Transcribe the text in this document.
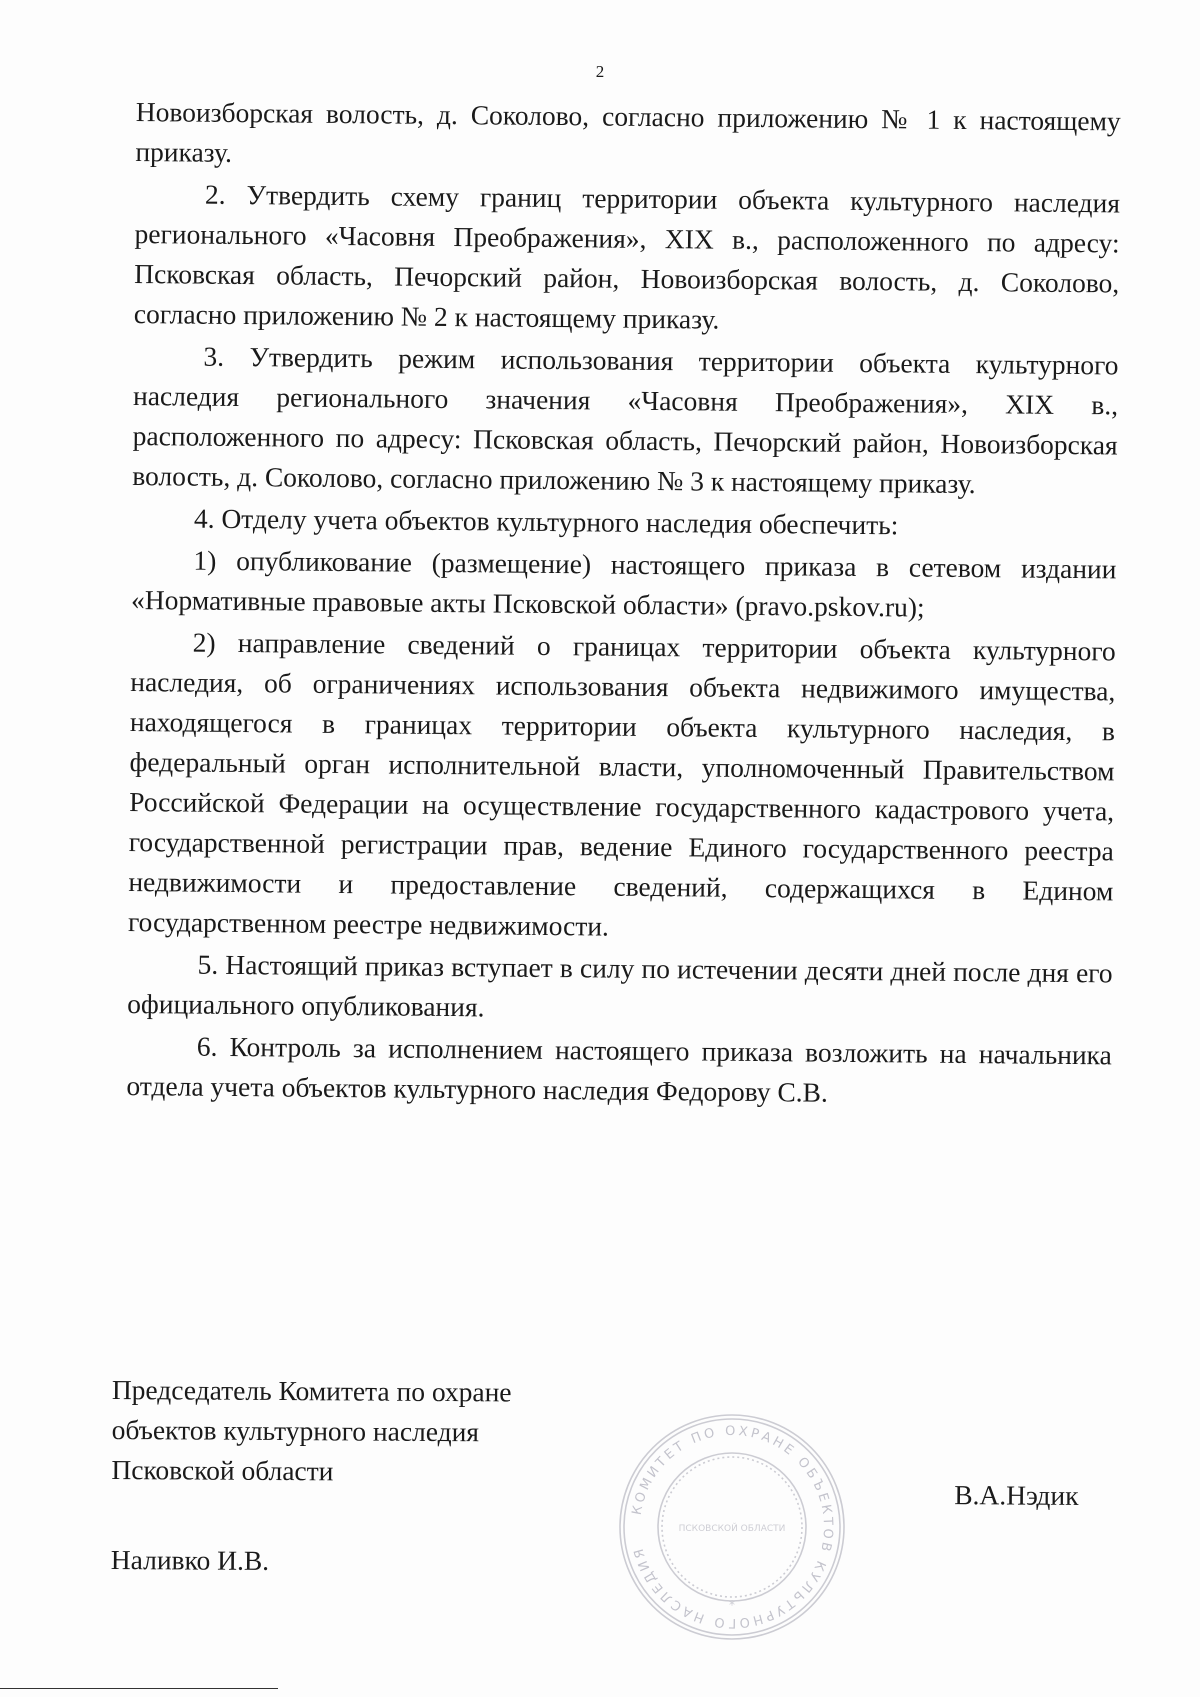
2

Новоизборская волость, д. Соколово, согласно приложению № 1 к настоящему приказу.

2. Утвердить схему границ территории объекта культурного наследия регионального «Часовня Преображения», XIX в., расположенного по адресу: Псковская область, Печорский район, Новоизборская волость, д. Соколово, согласно приложению № 2 к настоящему приказу.

3. Утвердить режим использования территории объекта культурного наследия регионального значения «Часовня Преображения», XIX в., расположенного по адресу: Псковская область, Печорский район, Новоизборская волость, д. Соколово, согласно приложению № 3 к настоящему приказу.

4. Отделу учета объектов культурного наследия обеспечить:

1) опубликование (размещение) настоящего приказа в сетевом издании «Нормативные правовые акты Псковской области» (pravo.pskov.ru);

2) направление сведений о границах территории объекта культурного наследия, об ограничениях использования объекта недвижимого имущества, находящегося в границах территории объекта культурного наследия, в федеральный орган исполнительной власти, уполномоченный Правительством Российской Федерации на осуществление государственного кадастрового учета, государственной регистрации прав, ведение Единого государственного реестра недвижимости и предоставление сведений, содержащихся в Едином государственном реестре недвижимости.

5. Настоящий приказ вступает в силу по истечении десяти дней после дня его официального опубликования.

6. Контроль за исполнением настоящего приказа возложить на начальника отдела учета объектов культурного наследия Федорову С.В.

Председатель Комитета по охране
объектов культурного наследия
Псковской области
В.А.Нэдик
Наливко И.В.
КОМИТЕТ ПО ОХРАНЕ ОБЪЕКТОВ КУЛЬТУРНОГО НАСЛЕДИЯ
ПСКОВСКОЙ ОБЛАСТИ
*
